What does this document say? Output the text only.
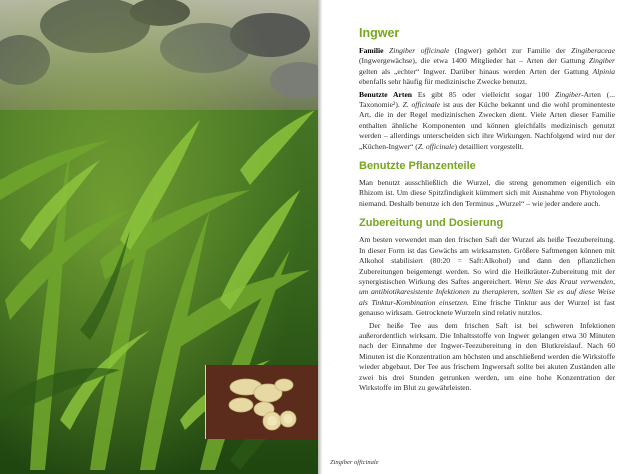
Ingwer

Familie Zingiber officinale (Ingwer) gehört zur Familie der Zingiberaceae (Ingwergewächse), die etwa 1400 Mitglieder hat – Arten der Gattung Zingiber gelten als „echter“ Ingwer. Darüber hinaus werden Arten der Gattung Alpinia ebenfalls sehr häufig für medizinische Zwecke benutzt.

Benutzte Arten Es gibt 85 oder vielleicht sogar 100 Zingiber-Arten (... Taxonomie²). Z. officinale ist aus der Küche bekannt und die wohl prominenteste Art, die in der Regel medizinischen Zwecken dient. Viele Arten dieser Familie enthalten ähnliche Komponenten und können gleichfalls medizinisch genutzt werden – allerdings unterscheiden sich ihre Wirkungen. Nachfolgend wird nur der „Küchen-Ingwer“ (Z. officinale) detailliert vorgestellt.

Benutzte Pflanzenteile

Man benutzt ausschließlich die Wurzel, die streng genommen eigentlich ein Rhizom ist. Um diese Spitzfindigkeit kümmert sich mit Ausnahme von Phytologen niemand. Deshalb benutze ich den Terminus „Wurzel“ – wie jeder andere auch.

Zubereitung und Dosierung

Am besten verwendet man den frischen Saft der Wurzel als heiße Teezubereitung. In dieser Form ist das Gewächs am wirksamsten. Größere Saftmengen können mit Alkohol stabilisiert (80:20 = Saft:Alkohol) und dann den pflanzlichen Zubereitungen beigemengt werden. So wird die Heilkräuter-Zubereitung mit der synergistischen Wirkung des Saftes angereichert. Wenn Sie das Kraut verwenden, um antibiotikaresistente Infektionen zu therapieren, sollten Sie es auf diese Weise als Tinktur-Kombination einsetzen. Eine frische Tinktur aus der Wurzel ist fast genauso wirksam. Getrocknete Wurzeln sind relativ nutzlos.

Der heiße Tee aus dem frischen Saft ist bei schweren Infektionen außerordentlich wirksam. Die Inhaltsstoffe von Ingwer gelangen etwa 30 Minuten nach der Einnahme der Ingwer-Teezubereitung in den Blutkreislauf. Nach 60 Minuten ist die Konzentration am höchsten und anschließend werden die Wirkstoffe wieder abgebaut. Der Tee aus frischem Ingwersaft sollte bei akuten Zuständen alle zwei bis drei Stunden getrunken werden, um eine hohe Konzentration der Wirkstoffe im Blut zu gewährleisten.

Zingiber officinale
